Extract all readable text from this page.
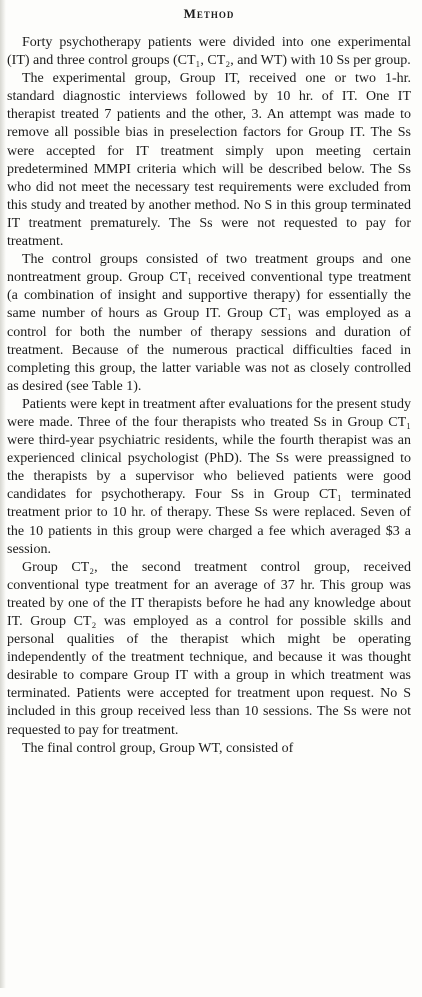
Method

Forty psychotherapy patients were divided into one experimental (IT) and three control groups (CT₁, CT₂, and WT) with 10 Ss per group.

The experimental group, Group IT, received one or two 1-hr. standard diagnostic interviews followed by 10 hr. of IT. One IT therapist treated 7 patients and the other, 3. An attempt was made to remove all possible bias in preselection factors for Group IT. The Ss were accepted for IT treatment simply upon meeting certain predetermined MMPI criteria which will be described below. The Ss who did not meet the necessary test requirements were excluded from this study and treated by another method. No S in this group terminated IT treatment prematurely. The Ss were not requested to pay for treatment.

The control groups consisted of two treatment groups and one nontreatment group. Group CT₁ received conventional type treatment (a combination of insight and supportive therapy) for essentially the same number of hours as Group IT. Group CT₁ was employed as a control for both the number of therapy sessions and duration of treatment. Because of the numerous practical difficulties faced in completing this group, the latter variable was not as closely controlled as desired (see Table 1).

Patients were kept in treatment after evaluations for the present study were made. Three of the four therapists who treated Ss in Group CT₁ were third-year psychiatric residents, while the fourth therapist was an experienced clinical psychologist (PhD). The Ss were preassigned to the therapists by a supervisor who believed patients were good candidates for psychotherapy. Four Ss in Group CT₁ terminated treatment prior to 10 hr. of therapy. These Ss were replaced. Seven of the 10 patients in this group were charged a fee which averaged $3 a session.

Group CT₂, the second treatment control group, received conventional type treatment for an average of 37 hr. This group was treated by one of the IT therapists before he had any knowledge about IT. Group CT₂ was employed as a control for possible skills and personal qualities of the therapist which might be operating independently of the treatment technique, and because it was thought desirable to compare Group IT with a group in which treatment was terminated. Patients were accepted for treatment upon request. No S included in this group received less than 10 sessions. The Ss were not requested to pay for treatment.

The final control group, Group WT, consisted of
